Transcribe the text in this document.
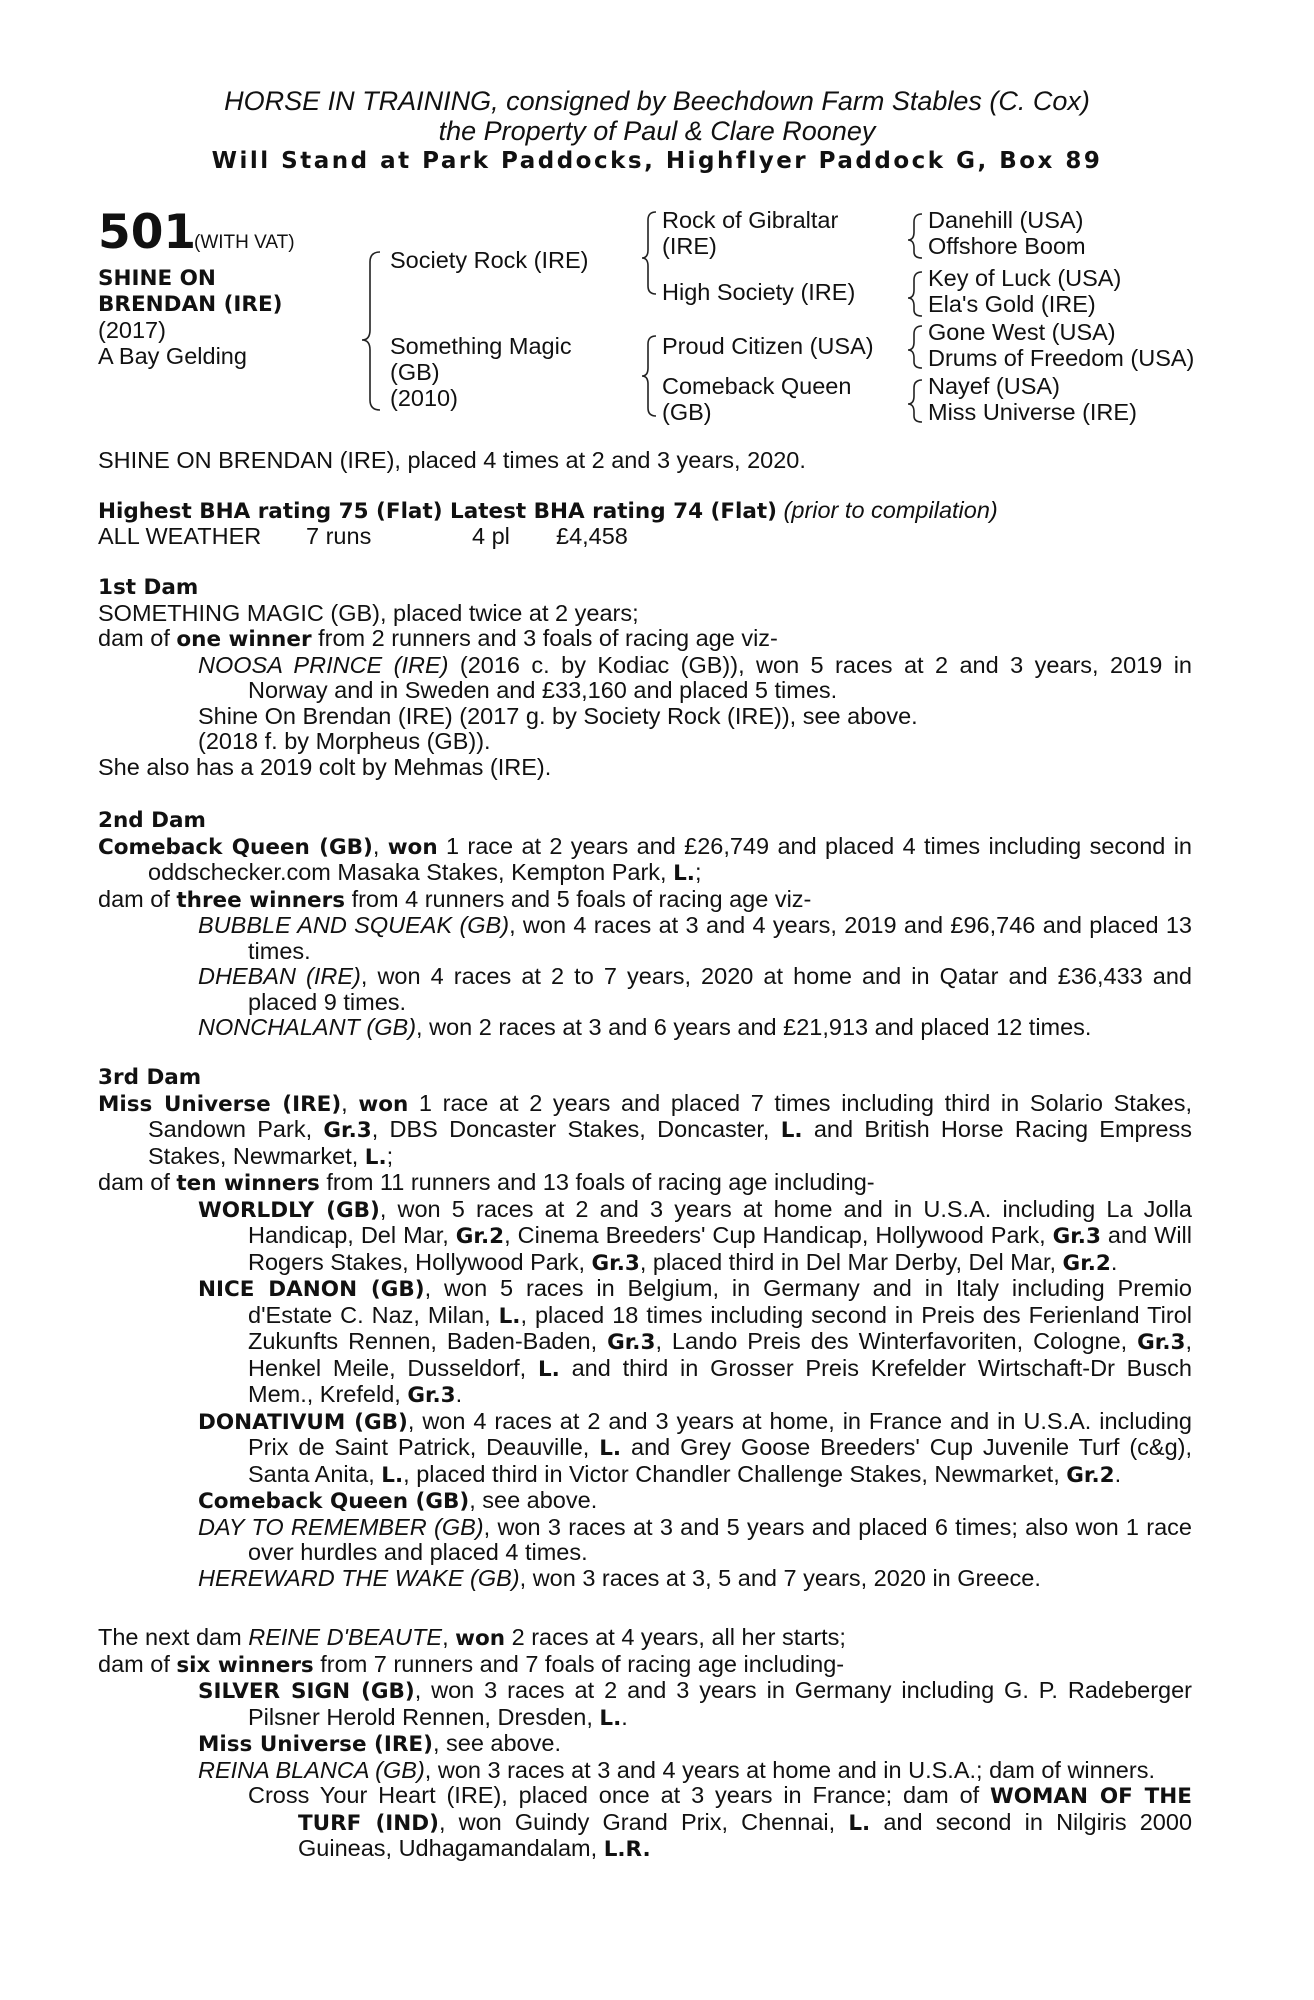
HORSE IN TRAINING, consigned by Beechdown Farm Stables (C. Cox)
the Property of Paul & Clare Rooney
Will Stand at Park Paddocks, Highflyer Paddock G, Box 89
501
(WITH VAT)
SHINE ON
BRENDAN (IRE)
(2017)
A Bay Gelding
Society Rock (IRE)
Something Magic
(GB)
(2010)
Rock of Gibraltar
(IRE)
High Society (IRE)
Proud Citizen (USA)
Comeback Queen
(GB)
Danehill (USA)
Offshore Boom
Key of Luck (USA)
Ela's Gold (IRE)
Gone West (USA)
Drums of Freedom (USA)
Nayef (USA)
Miss Universe (IRE)
SHINE ON BRENDAN (IRE), placed 4 times at 2 and 3 years, 2020.
Highest BHA rating 75 (Flat) Latest BHA rating 74 (Flat) (prior to compilation)
ALL WEATHER 7 runs	4 pl £4,458

1st Dam

SOMETHING MAGIC (GB), placed twice at 2 years;

dam of one winner from 2 runners and 3 foals of racing age viz-

NOOSA PRINCE (IRE) (2016 c. by Kodiac (GB)), won 5 races at 2 and 3 years, 2019 in Norway and in Sweden and £33,160 and placed 5 times.

Shine On Brendan (IRE) (2017 g. by Society Rock (IRE)), see above.

(2018 f. by Morpheus (GB)).

She also has a 2019 colt by Mehmas (IRE).

2nd Dam

Comeback Queen (GB), won 1 race at 2 years and £26,749 and placed 4 times including second in oddschecker.com Masaka Stakes, Kempton Park, L.;

dam of three winners from 4 runners and 5 foals of racing age viz-

BUBBLE AND SQUEAK (GB), won 4 races at 3 and 4 years, 2019 and £96,746 and placed 13 times.

DHEBAN (IRE), won 4 races at 2 to 7 years, 2020 at home and in Qatar and £36,433 and placed 9 times.

NONCHALANT (GB), won 2 races at 3 and 6 years and £21,913 and placed 12 times.

3rd Dam

Miss Universe (IRE), won 1 race at 2 years and placed 7 times including third in Solario Stakes, Sandown Park, Gr.3, DBS Doncaster Stakes, Doncaster, L. and British Horse Racing Empress Stakes, Newmarket, L.;

dam of ten winners from 11 runners and 13 foals of racing age including-

WORLDLY (GB), won 5 races at 2 and 3 years at home and in U.S.A. including La Jolla Handicap, Del Mar, Gr.2, Cinema Breeders' Cup Handicap, Hollywood Park, Gr.3 and Will Rogers Stakes, Hollywood Park, Gr.3, placed third in Del Mar Derby, Del Mar, Gr.2.

NICE DANON (GB), won 5 races in Belgium, in Germany and in Italy including Premio d'Estate C. Naz, Milan, L., placed 18 times including second in Preis des Ferienland Tirol Zukunfts Rennen, Baden-Baden, Gr.3, Lando Preis des Winterfavoriten, Cologne, Gr.3, Henkel Meile, Dusseldorf, L. and third in Grosser Preis Krefelder Wirtschaft-Dr Busch Mem., Krefeld, Gr.3.

DONATIVUM (GB), won 4 races at 2 and 3 years at home, in France and in U.S.A. including Prix de Saint Patrick, Deauville, L. and Grey Goose Breeders' Cup Juvenile Turf (c&g), Santa Anita, L., placed third in Victor Chandler Challenge Stakes, Newmarket, Gr.2.

Comeback Queen (GB), see above.

DAY TO REMEMBER (GB), won 3 races at 3 and 5 years and placed 6 times; also won 1 race over hurdles and placed 4 times.

HEREWARD THE WAKE (GB), won 3 races at 3, 5 and 7 years, 2020 in Greece.

The next dam REINE D'BEAUTE, won 2 races at 4 years, all her starts;

dam of six winners from 7 runners and 7 foals of racing age including-

SILVER SIGN (GB), won 3 races at 2 and 3 years in Germany including G. P. Radeberger Pilsner Herold Rennen, Dresden, L..

Miss Universe (IRE), see above.

REINA BLANCA (GB), won 3 races at 3 and 4 years at home and in U.S.A.; dam of winners.

Cross Your Heart (IRE), placed once at 3 years in France; dam of WOMAN OF THE TURF (IND), won Guindy Grand Prix, Chennai, L. and second in Nilgiris 2000 Guineas, Udhagamandalam, L.R.
